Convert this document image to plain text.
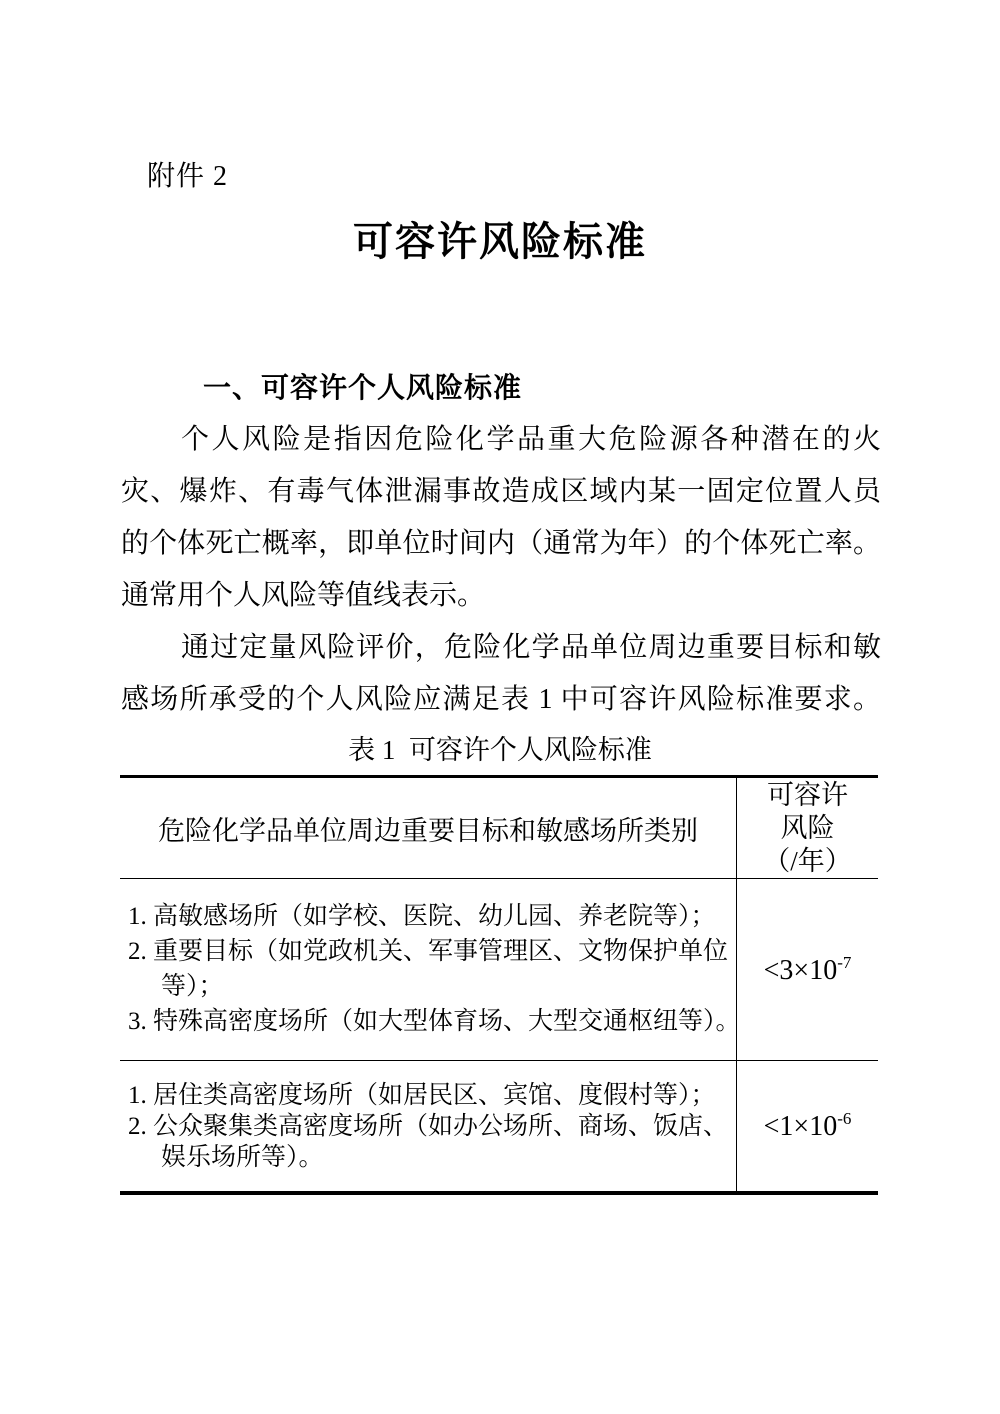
附件 2
可容许风险标准
一、可容许个人风险标准
个人风险是指因危险化学品重大危险源各种潜在的火
灾、爆炸、有毒气体泄漏事故造成区域内某一固定位置人员
的个体死亡概率，即单位时间内（通常为年）的个体死亡率。
通常用个人风险等值线表示。
通过定量风险评价，危险化学品单位周边重要目标和敏
感场所承受的个人风险应满足表 1 中可容许风险标准要求。
表 1  可容许个人风险标准
危险化学品单位周边重要目标和敏感场所类别
可容许
风险
（/年）
1. 高敏感场所（如学校、医院、幼儿园、养老院等）；
2. 重要目标（如党政机关、军事管理区、文物保护单位
等）；
3. 特殊高密度场所（如大型体育场、大型交通枢纽等）。
$<3\times 10^{-7}$
1. 居住类高密度场所（如居民区、宾馆、度假村等）；
2. 公众聚集类高密度场所（如办公场所、商场、饭店、
娱乐场所等）。
$<1\times 10^{-6}$
